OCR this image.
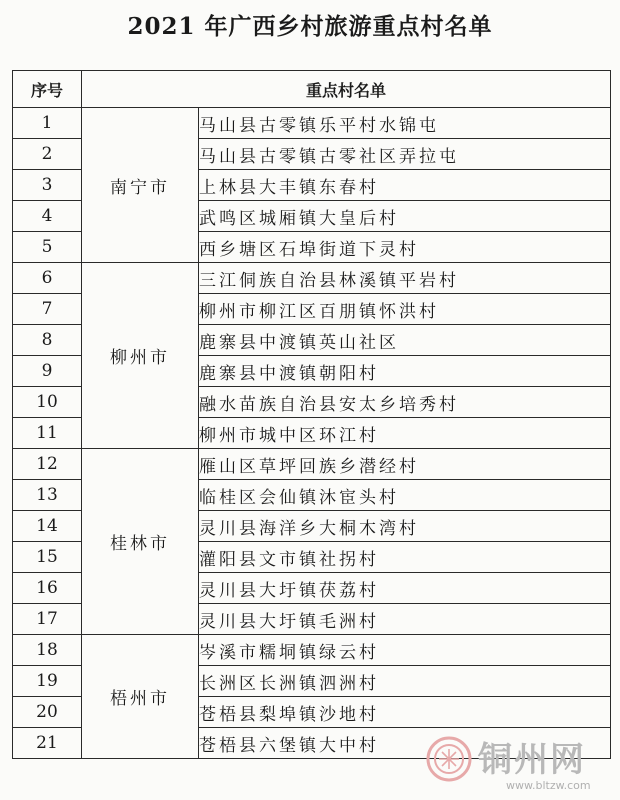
2021 年广西乡村旅游重点村名单
序号	重点村名单	
1	南宁市	马山县古零镇乐平村水锦屯
2		马山县古零镇古零社区弄拉屯
3		上林县大丰镇东春村
4		武鸣区城厢镇大皇后村
5		西乡塘区石埠街道下灵村
6	柳州市	三江侗族自治县林溪镇平岩村
7		柳州市柳江区百朋镇怀洪村
8		鹿寨县中渡镇英山社区
9		鹿寨县中渡镇朝阳村
10		融水苗族自治县安太乡培秀村
11		柳州市城中区环江村
12	桂林市	雁山区草坪回族乡潜经村
13		临桂区会仙镇沐宦头村
14		灵川县海洋乡大桐木湾村
15		灌阳县文市镇社拐村
16		灵川县大圩镇茯荔村
17		灵川县大圩镇毛洲村
18	梧州市	岑溪市糯垌镇绿云村
19		长洲区长洲镇泗洲村
20		苍梧县梨埠镇沙地村
21		苍梧县六堡镇大中村	铜州网
www.bltzw.com
